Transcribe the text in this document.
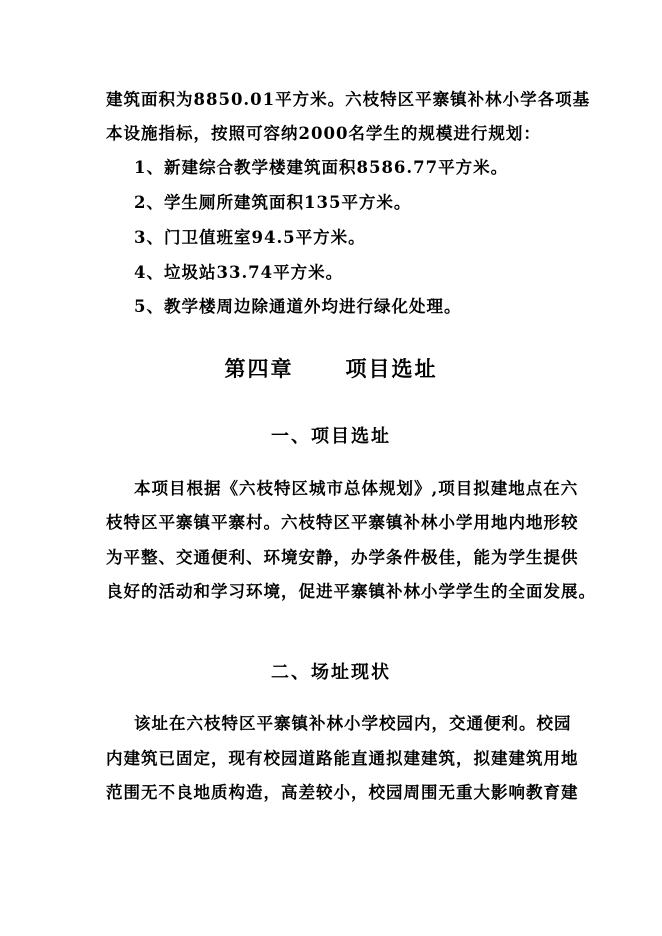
建筑面积为8850.01平方米。六枝特区平寨镇补林小学各项基
本设施指标，按照可容纳2000名学生的规模进行规划：
1、新建综合教学楼建筑面积8586.77平方米。
2、学生厕所建筑面积135平方米。
3、门卫值班室94.5平方米。
4、垃圾站33.74平方米。
5、教学楼周边除通道外均进行绿化处理。
第四章 项目选址
一、项目选址
本项目根据《六枝特区城市总体规划》,项目拟建地点在六
枝特区平寨镇平寨村。六枝特区平寨镇补林小学用地内地形较
为平整、交通便利、环境安静，办学条件极佳，能为学生提供
良好的活动和学习环境，促进平寨镇补林小学学生的全面发展。
二、场址现状
该址在六枝特区平寨镇补林小学校园内，交通便利。校园
内建筑已固定，现有校园道路能直通拟建建筑，拟建建筑用地
范围无不良地质构造，高差较小，校园周围无重大影响教育建
